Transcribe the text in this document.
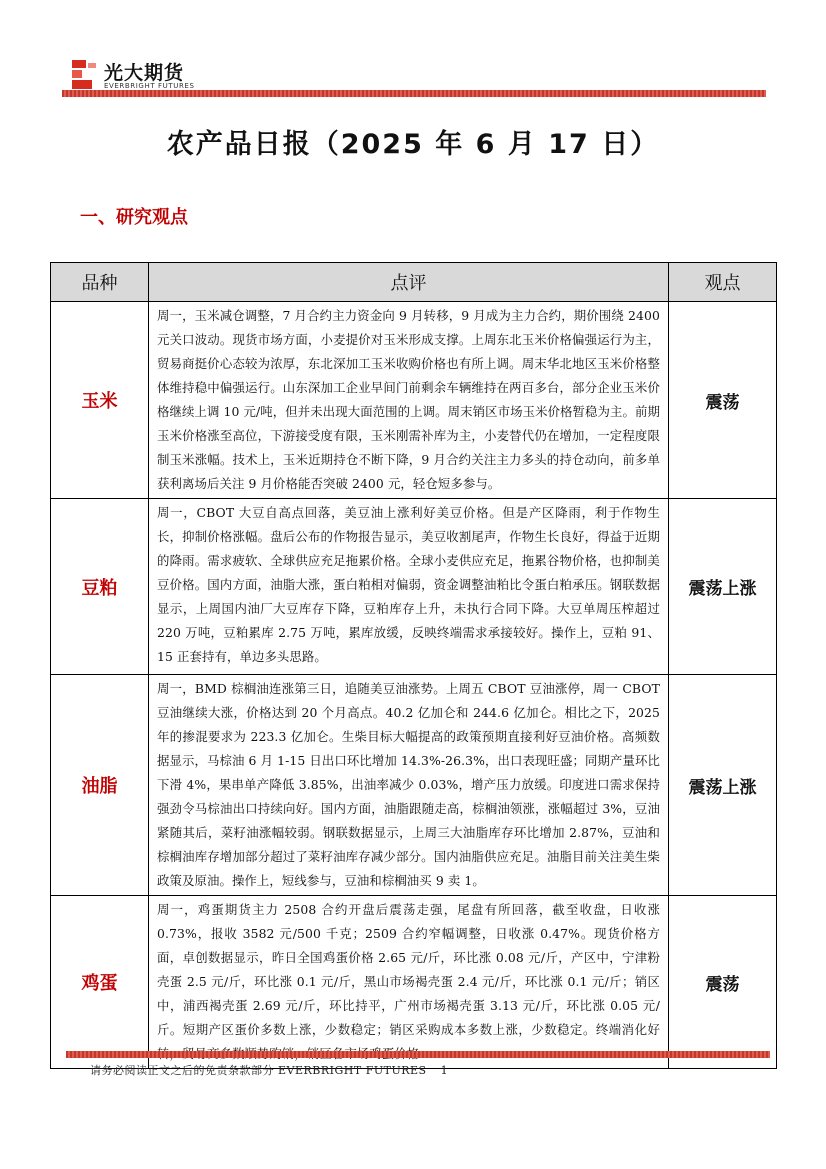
光大期货
EVERBRIGHT FUTURES
农产品日报（2025 年 6 月 17 日）
一、研究观点
品种	点评	观点
玉米	周一，玉米减仓调整，7 月合约主力资金向 9 月转移，9 月成为主力合约，期价围绕 2400 元关口波动。现货市场方面，小麦提价对玉米形成支撑。上周东北玉米价格偏强运行为主，贸易商挺价心态较为浓厚，东北深加工玉米收购价格也有所上调。周末华北地区玉米价格整体维持稳中偏强运行。山东深加工企业早间门前剩余车辆维持在两百多台，部分企业玉米价格继续上调 10 元/吨，但并未出现大面范围的上调。周末销区市场玉米价格暂稳为主。前期玉米价格涨至高位，下游接受度有限，玉米刚需补库为主，小麦替代仍在增加，一定程度限制玉米涨幅。技术上，玉米近期持仓不断下降，9 月合约关注主力多头的持仓动向，前多单获利离场后关注 9 月价格能否突破 2400 元，轻仓短多参与。	震荡
豆粕	周一，CBOT 大豆自高点回落，美豆油上涨利好美豆价格。但是产区降雨，利于作物生长，抑制价格涨幅。盘后公布的作物报告显示，美豆收割尾声，作物生长良好，得益于近期的降雨。需求疲软、全球供应充足拖累价格。全球小麦供应充足，拖累谷物价格，也抑制美豆价格。国内方面，油脂大涨，蛋白粕相对偏弱，资金调整油粕比令蛋白粕承压。钢联数据显示，上周国内油厂大豆库存下降，豆粕库存上升，未执行合同下降。大豆单周压榨超过 220 万吨，豆粕累库 2.75 万吨，累库放缓，反映终端需求承接较好。操作上，豆粕 91、15 正套持有，单边多头思路。	震荡上涨
油脂	周一，BMD 棕榈油连涨第三日，追随美豆油涨势。上周五 CBOT 豆油涨停，周一 CBOT 豆油继续大涨，价格达到 20 个月高点。40.2 亿加仑和 244.6 亿加仑。相比之下，2025 年的掺混要求为 223.3 亿加仑。生柴目标大幅提高的政策预期直接利好豆油价格。高频数据显示，马棕油 6 月 1-15 日出口环比增加 14.3%-26.3%，出口表现旺盛；同期产量环比下滑 4%，果串单产降低 3.85%，出油率减少 0.03%，增产压力放缓。印度进口需求保持强劲令马棕油出口持续向好。国内方面，油脂跟随走高，棕榈油领涨，涨幅超过 3%，豆油紧随其后，菜籽油涨幅较弱。钢联数据显示，上周三大油脂库存环比增加 2.87%，豆油和棕榈油库存增加部分超过了菜籽油库存减少部分。国内油脂供应充足。油脂目前关注美生柴政策及原油。操作上，短线参与，豆油和棕榈油买 9 卖 1。	震荡上涨
鸡蛋	周一，鸡蛋期货主力 2508 合约开盘后震荡走强，尾盘有所回落，截至收盘，日收涨 0.73%，报收 3582 元/500 千克；2509 合约窄幅调整，日收涨 0.47%。现货价格方面，卓创数据显示，昨日全国鸡蛋价格 2.65 元/斤，环比涨 0.08 元/斤，产区中，宁津粉壳蛋 2.5 元/斤，环比涨 0.1 元/斤，黑山市场褐壳蛋 2.4 元/斤，环比涨 0.1 元/斤；销区中，浦西褐壳蛋 2.69 元/斤，环比持平，广州市场褐壳蛋 3.13 元/斤，环比涨 0.05 元/斤。短期产区蛋价多数上涨，少数稳定；销区采购成本多数上涨，少数稳定。终端消化好	震荡
请务必阅读正文之后的免责条款部分 EVERBRIGHT FUTURES 1
